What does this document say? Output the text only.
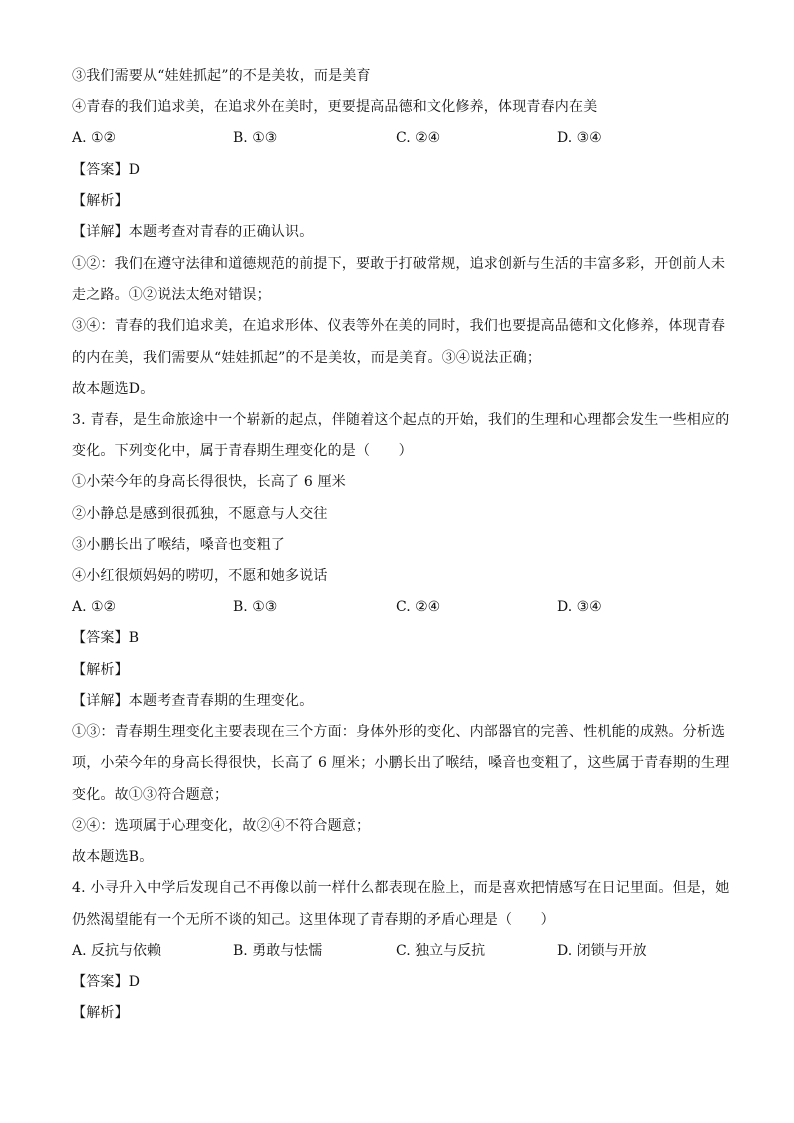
③我们需要从“娃娃抓起”的不是美妆，而是美育
④青春的我们追求美，在追求外在美时，更要提高品德和文化修养，体现青春内在美
A. ①②	B. ①③	C. ②④	D. ③④
【答案】D
【解析】
【详解】本题考查对青春的正确认识。
①②：我们在遵守法律和道德规范的前提下，要敢于打破常规，追求创新与生活的丰富多彩，开创前人未
走之路。①②说法太绝对错误；
③④：青春的我们追求美，在追求形体、仪表等外在美的同时，我们也要提高品德和文化修养，体现青春
的内在美，我们需要从“娃娃抓起”的不是美妆，而是美育。③④说法正确；
故本题选D。
3. 青春，是生命旅途中一个崭新的起点，伴随着这个起点的开始，我们的生理和心理都会发生一些相应的
变化。下列变化中，属于青春期生理变化的是（　　）
①小荣今年的身高长得很快，长高了 6 厘米
②小静总是感到很孤独，不愿意与人交往
③小鹏长出了喉结，嗓音也变粗了
④小红很烦妈妈的唠叨，不愿和她多说话
A. ①②	B. ①③	C. ②④	D. ③④
【答案】B
【解析】
【详解】本题考查青春期的生理变化。
①③：青春期生理变化主要表现在三个方面：身体外形的变化、内部器官的完善、性机能的成熟。分析选
项，小荣今年的身高长得很快，长高了 6 厘米；小鹏长出了喉结，嗓音也变粗了，这些属于青春期的生理
变化。故①③符合题意；
②④：选项属于心理变化，故②④不符合题意；
故本题选B。
4. 小寻升入中学后发现自己不再像以前一样什么都表现在脸上，而是喜欢把情感写在日记里面。但是，她
仍然渴望能有一个无所不谈的知己。这里体现了青春期的矛盾心理是（　　）
A. 反抗与依赖	B. 勇敢与怯懦	C. 独立与反抗	D. 闭锁与开放
【答案】D
【解析】
